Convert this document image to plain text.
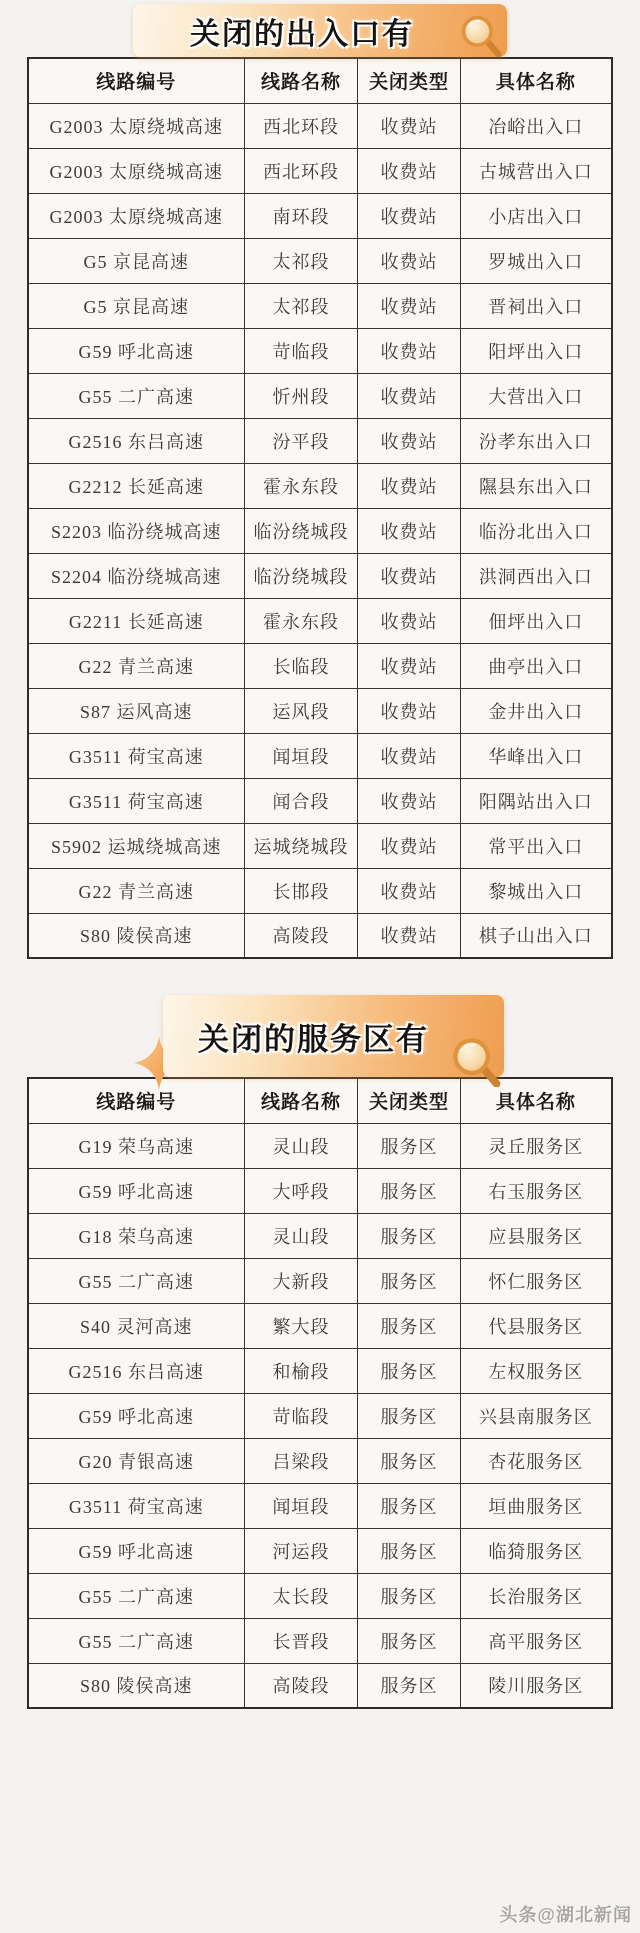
关闭的出入口有
线路编号	线路名称	关闭类型	具体名称
G2003 太原绕城高速	西北环段	收费站	冶峪出入口
G2003 太原绕城高速	西北环段	收费站	古城营出入口
G2003 太原绕城高速	南环段	收费站	小店出入口
G5 京昆高速	太祁段	收费站	罗城出入口
G5 京昆高速	太祁段	收费站	晋祠出入口
G59 呼北高速	苛临段	收费站	阳坪出入口
G55 二广高速	忻州段	收费站	大营出入口
G2516 东吕高速	汾平段	收费站	汾孝东出入口
G2212 长延高速	霍永东段	收费站	隰县东出入口
S2203 临汾绕城高速	临汾绕城段	收费站	临汾北出入口
S2204 临汾绕城高速	临汾绕城段	收费站	洪洞西出入口
G2211 长延高速	霍永东段	收费站	佃坪出入口
G22 青兰高速	长临段	收费站	曲亭出入口
S87 运风高速	运风段	收费站	金井出入口
G3511 荷宝高速	闻垣段	收费站	华峰出入口
G3511 荷宝高速	闻合段	收费站	阳隅站出入口
S5902 运城绕城高速	运城绕城段	收费站	常平出入口
G22 青兰高速	长邯段	收费站	黎城出入口
S80 陵侯高速	高陵段	收费站	棋子山出入口
关闭的服务区有
线路编号	线路名称	关闭类型	具体名称
G19 荣乌高速	灵山段	服务区	灵丘服务区
G59 呼北高速	大呼段	服务区	右玉服务区
G18 荣乌高速	灵山段	服务区	应县服务区
G55 二广高速	大新段	服务区	怀仁服务区
S40 灵河高速	繁大段	服务区	代县服务区
G2516 东吕高速	和榆段	服务区	左权服务区
G59 呼北高速	苛临段	服务区	兴县南服务区
G20 青银高速	吕梁段	服务区	杏花服务区
G3511 荷宝高速	闻垣段	服务区	垣曲服务区
G59 呼北高速	河运段	服务区	临猗服务区
G55 二广高速	太长段	服务区	长治服务区
G55 二广高速	长晋段	服务区	高平服务区
S80 陵侯高速	高陵段	服务区	陵川服务区
头条@湖北新闻
